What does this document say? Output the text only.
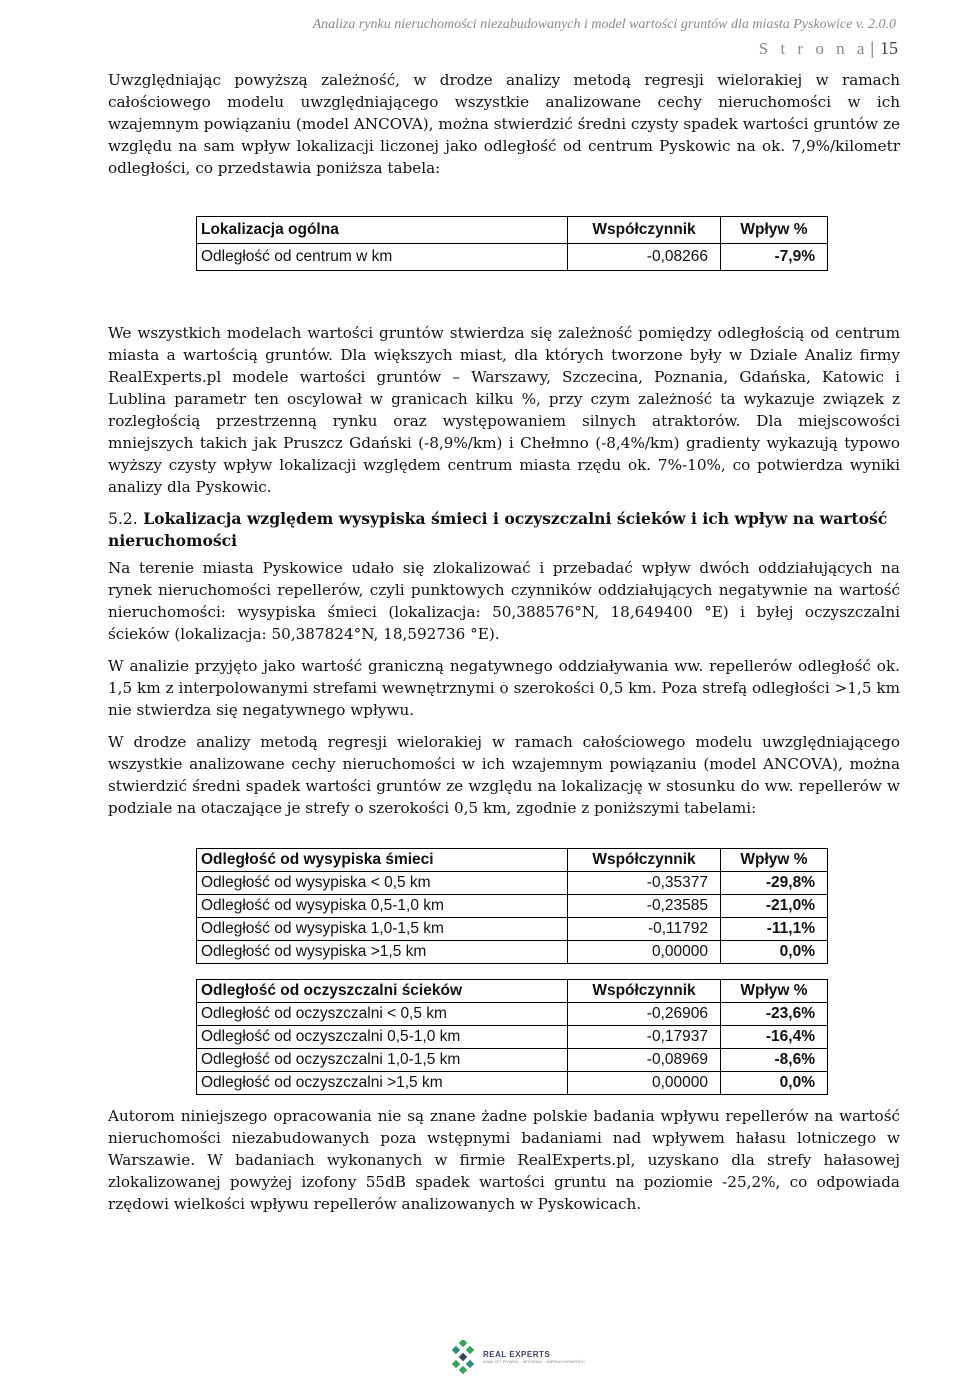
Analiza rynku nieruchomości niezabudowanych i model wartości gruntów dla miasta Pyskowice v. 2.0.0
S t r o n a | 15

Uwzględniając powyższą zależność, w drodze analizy metodą regresji wielorakiej w ramach całościowego modelu uwzględniającego wszystkie analizowane cechy nieruchomości w ich wzajemnym powiązaniu (model ANCOVA), można stwierdzić średni czysty spadek wartości gruntów ze względu na sam wpływ lokalizacji liczonej jako odległość od centrum Pyskowic na ok. 7,9%/kilometr odległości, co przedstawia poniższa tabela:

Lokalizacja ogólna	Współczynnik	Wpływ %
Odległość od centrum w km	-0,08266	-7,9%

We wszystkich modelach wartości gruntów stwierdza się zależność pomiędzy odległością od centrum miasta a wartością gruntów. Dla większych miast, dla których tworzone były w Dziale Analiz firmy RealExperts.pl modele wartości gruntów – Warszawy, Szczecina, Poznania, Gdańska, Katowic i Lublina parametr ten oscylował w granicach kilku %, przy czym zależność ta wykazuje związek z rozległością przestrzenną rynku oraz występowaniem silnych atraktorów. Dla miejscowości mniejszych takich jak Pruszcz Gdański (-8,9%/km) i Chełmno (-8,4%/km) gradienty wykazują typowo wyższy czysty wpływ lokalizacji względem centrum miasta rzędu ok. 7%-10%, co potwierdza wyniki analizy dla Pyskowic.

5.2. Lokalizacja względem wysypiska śmieci i oczyszczalni ścieków i ich wpływ na wartość nieruchomości

Na terenie miasta Pyskowice udało się zlokalizować i przebadać wpływ dwóch oddziałujących na rynek nieruchomości repellerów, czyli punktowych czynników oddziałujących negatywnie na wartość nieruchomości: wysypiska śmieci (lokalizacja: 50,388576°N, 18,649400 °E) i byłej oczyszczalni ścieków (lokalizacja: 50,387824°N, 18,592736 °E).

W analizie przyjęto jako wartość graniczną negatywnego oddziaływania ww. repellerów odległość ok. 1,5 km z interpolowanymi strefami wewnętrznymi o szerokości 0,5 km. Poza strefą odległości >1,5 km nie stwierdza się negatywnego wpływu.

W drodze analizy metodą regresji wielorakiej w ramach całościowego modelu uwzględniającego wszystkie analizowane cechy nieruchomości w ich wzajemnym powiązaniu (model ANCOVA), można stwierdzić średni spadek wartości gruntów ze względu na lokalizację w stosunku do ww. repellerów w podziale na otaczające je strefy o szerokości 0,5 km, zgodnie z poniższymi tabelami:

Odległość od wysypiska śmieci	Współczynnik	Wpływ %
Odległość od wysypiska < 0,5 km	-0,35377	-29,8%
Odległość od wysypiska 0,5-1,0 km	-0,23585	-21,0%
Odległość od wysypiska 1,0-1,5 km	-0,11792	-11,1%
Odległość od wysypiska >1,5 km	0,00000	0,0%
Odległość od oczyszczalni ścieków	Współczynnik	Wpływ %
Odległość od oczyszczalni < 0,5 km	-0,26906	-23,6%
Odległość od oczyszczalni 0,5-1,0 km	-0,17937	-16,4%
Odległość od oczyszczalni 1,0-1,5 km	-0,08969	-8,6%
Odległość od oczyszczalni >1,5 km	0,00000	0,0%

Autorom niniejszego opracowania nie są znane żadne polskie badania wpływu repellerów na wartość nieruchomości niezabudowanych poza wstępnymi badaniami nad wpływem hałasu lotniczego w Warszawie. W badaniach wykonanych w firmie RealExperts.pl, uzyskano dla strefy hałasowej zlokalizowanej powyżej izofony 55dB spadek wartości gruntu na poziomie -25,2%, co odpowiada rzędowi wielkości wpływu repellerów analizowanych w Pyskowicach.

REAL EXPERTS
ANALIZY RYNKU · WYCENA · NIERUCHOMOŚCI
